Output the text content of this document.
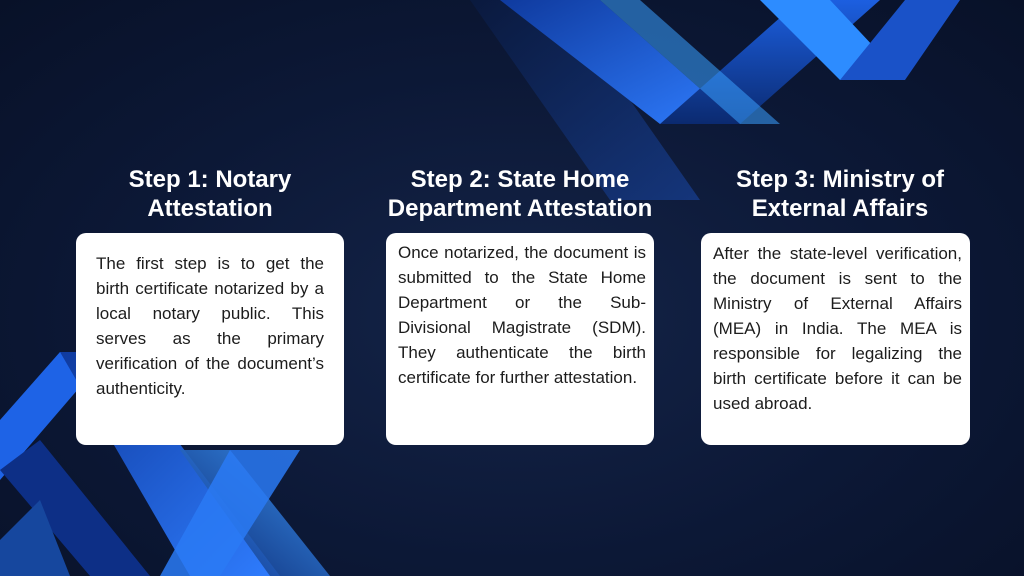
Step 1: Notary
Attestation

The first step is to get the birth certificate notarized by a local notary public. This serves as the primary verification of the document’s authenticity.

Step 2: State Home
Department Attestation

Once notarized, the document is submitted to the State Home Department or the Sub-Divisional Magistrate (SDM). They authenticate the birth certificate for further attestation.

Step 3: Ministry of
External Affairs

After the state-level verification, the document is sent to the Ministry of External Affairs (MEA) in India. The MEA is responsible for legalizing the birth certificate before it can be used abroad.
